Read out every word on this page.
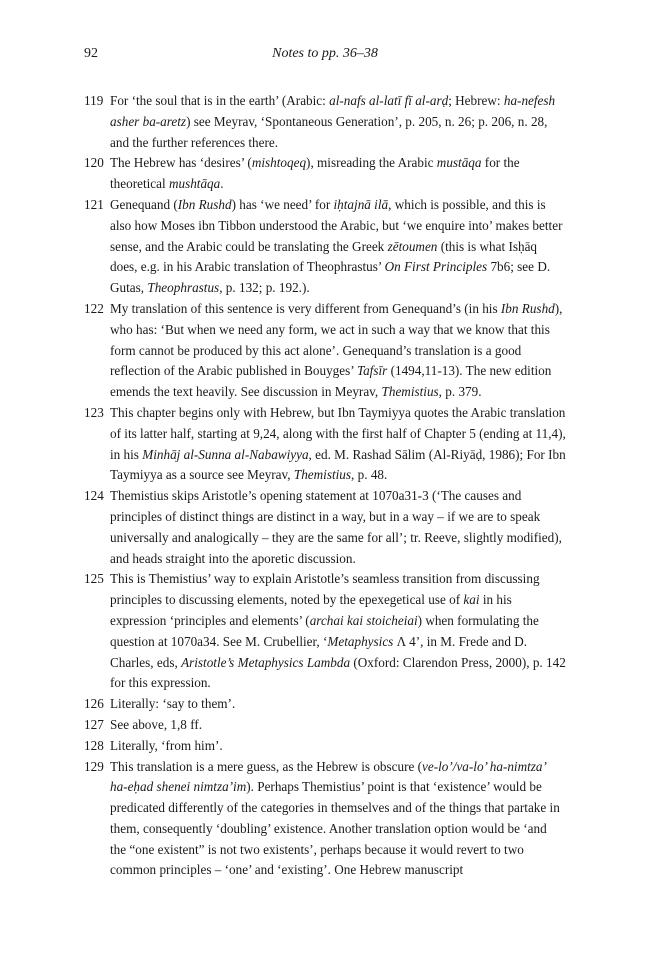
92	Notes to pp. 36–38
119 For ‘the soul that is in the earth’ (Arabic: al-nafs al-latī fī al-arḍ; Hebrew: ha-nefesh asher ba-aretz) see Meyrav, ‘Spontaneous Generation’, p. 205, n. 26; p. 206, n. 28, and the further references there.
120 The Hebrew has ‘desires’ (mishtoqeq), misreading the Arabic mustāqa for the theoretical mushtāqa.
121 Genequand (Ibn Rushd) has ‘we need’ for iḥtajnā ilā, which is possible, and this is also how Moses ibn Tibbon understood the Arabic, but ‘we enquire into’ makes better sense, and the Arabic could be translating the Greek zētoumen (this is what Isḥāq does, e.g. in his Arabic translation of Theophrastus’ On First Principles 7b6; see D. Gutas, Theophrastus, p. 132; p. 192.).
122 My translation of this sentence is very different from Genequand’s (in his Ibn Rushd), who has: ‘But when we need any form, we act in such a way that we know that this form cannot be produced by this act alone’. Genequand’s translation is a good reflection of the Arabic published in Bouyges’ Tafsīr (1494,11-13). The new edition emends the text heavily. See discussion in Meyrav, Themistius, p. 379.
123 This chapter begins only with Hebrew, but Ibn Taymiyya quotes the Arabic translation of its latter half, starting at 9,24, along with the first half of Chapter 5 (ending at 11,4), in his Minhāj al-Sunna al-Nabawiyya, ed. M. Rashad Sālim (Al-Riyāḍ, 1986); For Ibn Taymiyya as a source see Meyrav, Themistius, p. 48.
124 Themistius skips Aristotle’s opening statement at 1070a31-3 (‘The causes and principles of distinct things are distinct in a way, but in a way – if we are to speak universally and analogically – they are the same for all’; tr. Reeve, slightly modified), and heads straight into the aporetic discussion.
125 This is Themistius’ way to explain Aristotle’s seamless transition from discussing principles to discussing elements, noted by the epexegetical use of kai in his expression ‘principles and elements’ (archai kai stoicheiai) when formulating the question at 1070a34. See M. Crubellier, ‘Metaphysics Λ 4’, in M. Frede and D. Charles, eds, Aristotle’s Metaphysics Lambda (Oxford: Clarendon Press, 2000), p. 142 for this expression.
126 Literally: ‘say to them’.
127 See above, 1,8 ff.
128 Literally, ‘from him’.
129 This translation is a mere guess, as the Hebrew is obscure (ve-lo’/va-lo’ ha-nimtza’ ha-eḥad shenei nimtza’im). Perhaps Themistius’ point is that ‘existence’ would be predicated differently of the categories in themselves and of the things that partake in them, consequently ‘doubling’ existence. Another translation option would be ‘and the “one existent” is not two existents’, perhaps because it would revert to two common principles – ‘one’ and ‘existing’. One Hebrew manuscript
